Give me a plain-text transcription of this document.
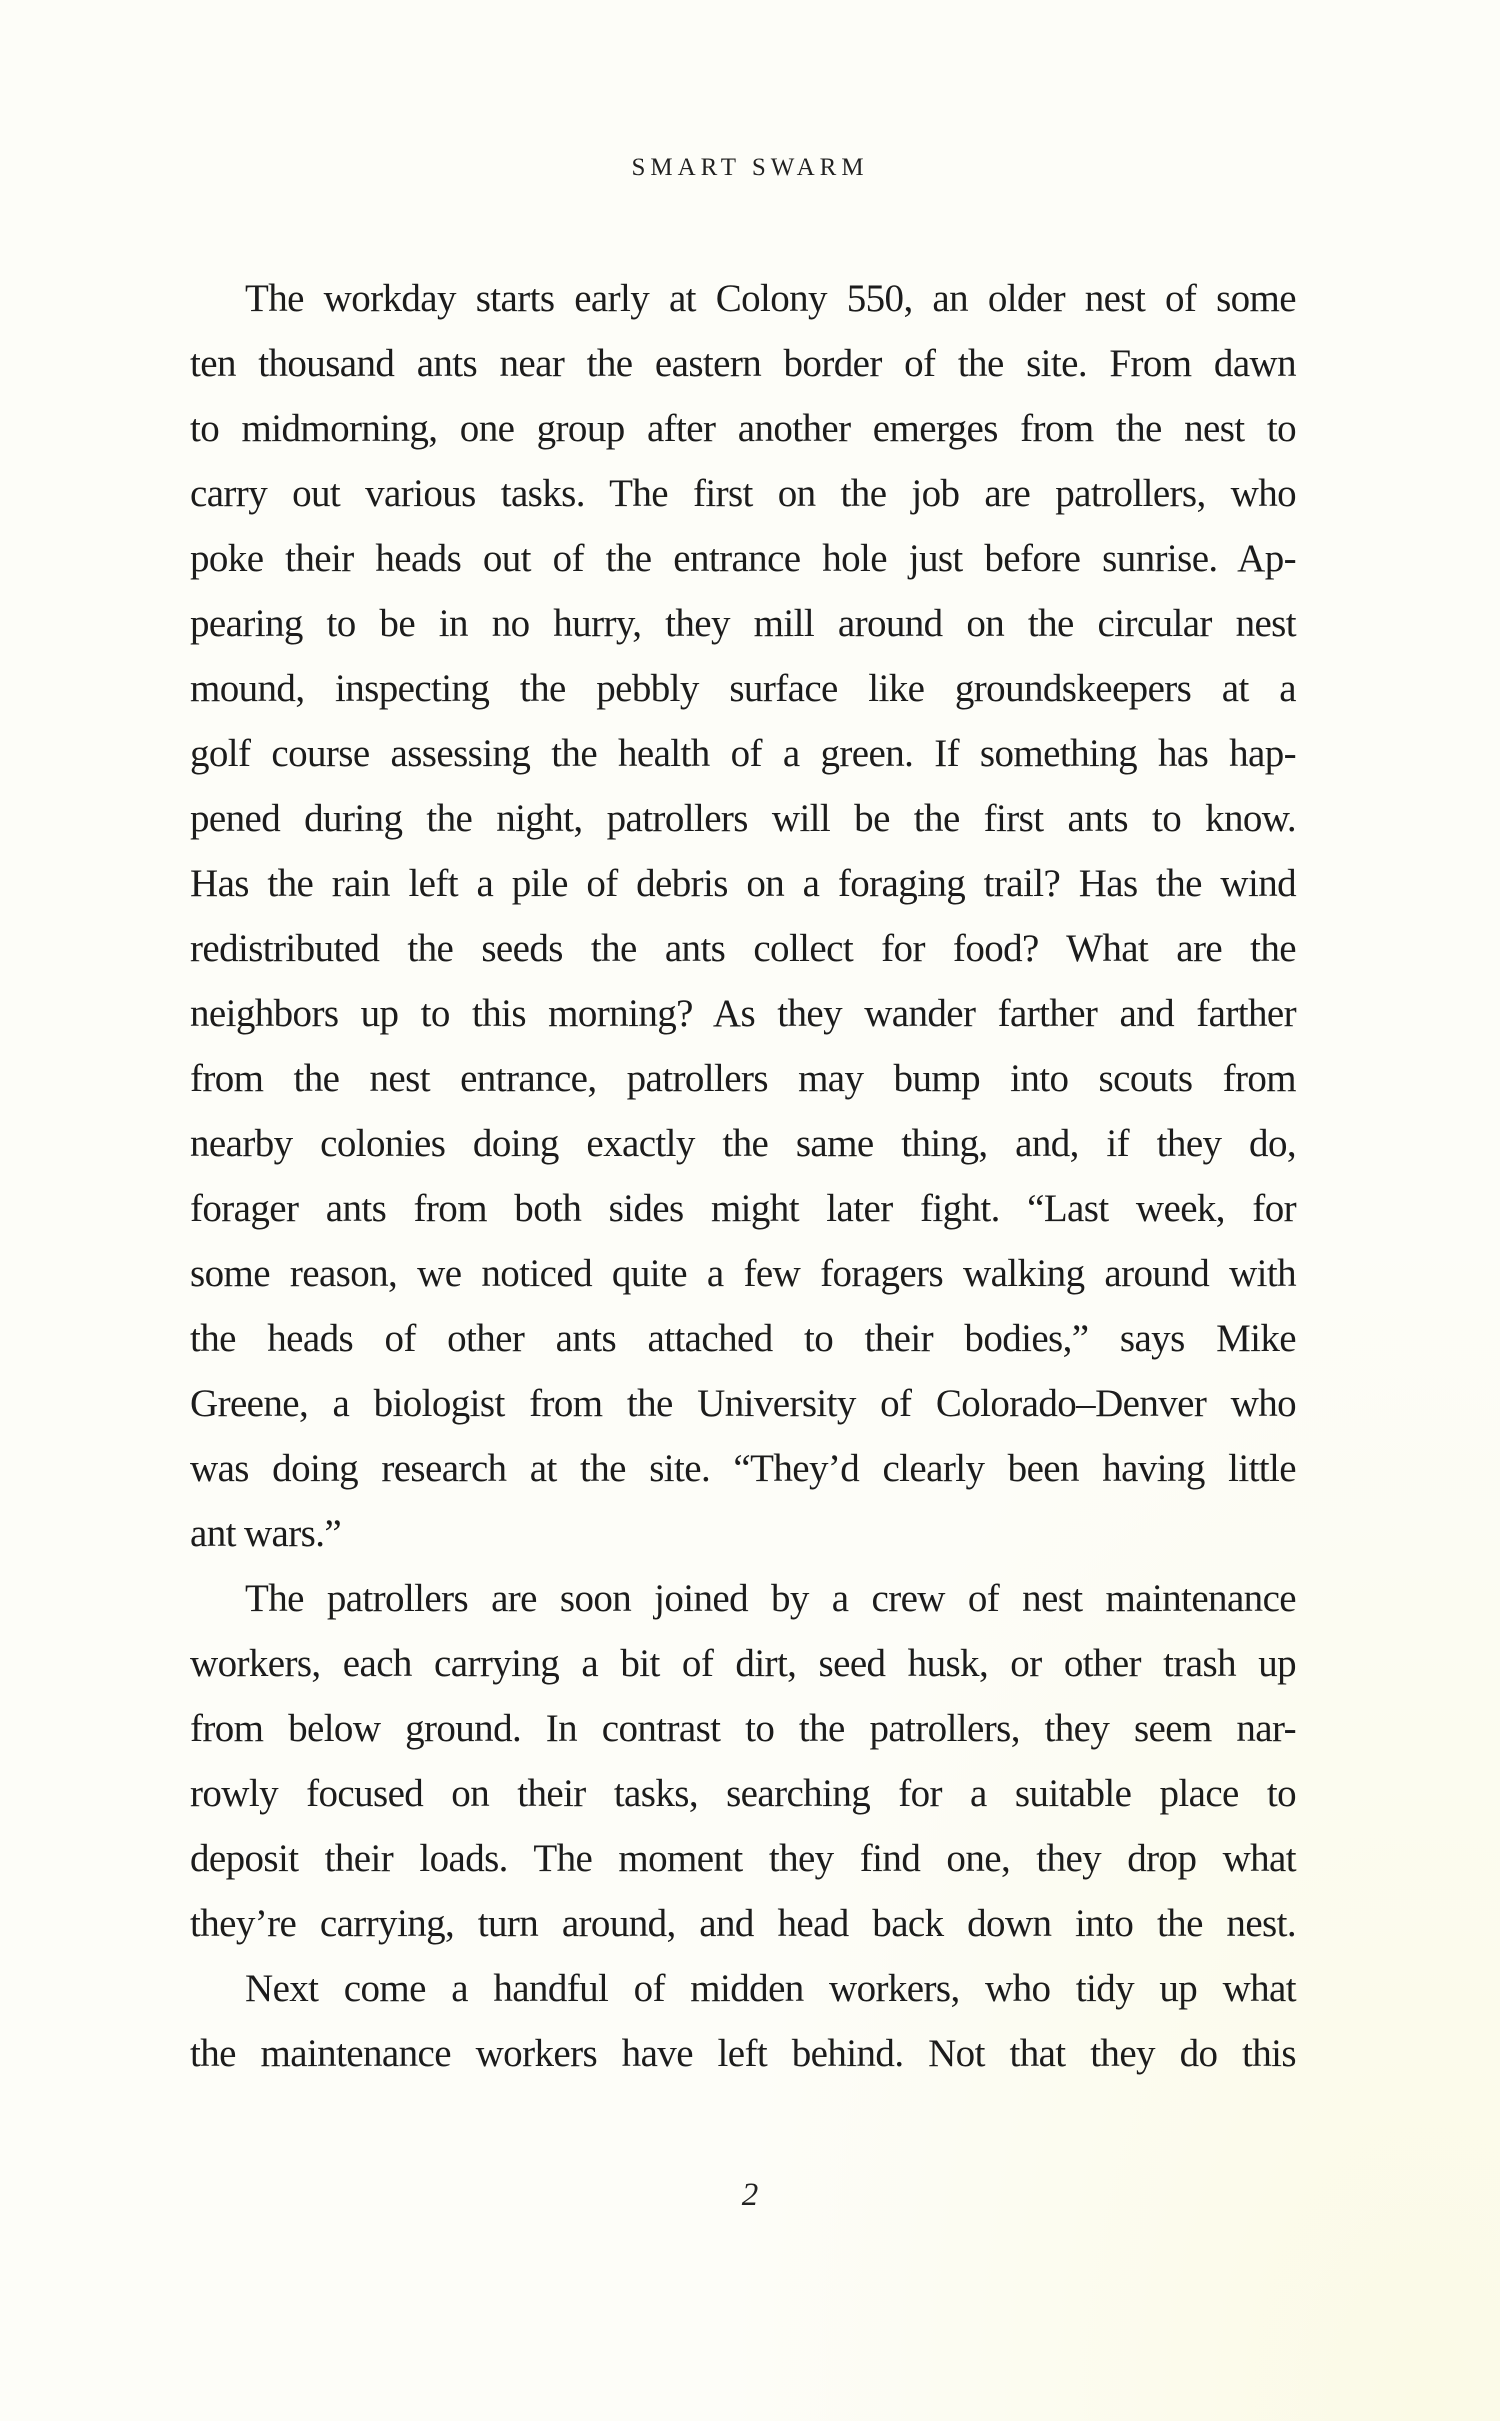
SMART SWARM
The workday starts early at Colony 550, an older nest of some
ten thousand ants near the eastern border of the site. From dawn
to midmorning, one group after another emerges from the nest to
carry out various tasks. The first on the job are patrollers, who
poke their heads out of the entrance hole just before sunrise. Ap-
pearing to be in no hurry, they mill around on the circular nest
mound, inspecting the pebbly surface like groundskeepers at a
golf course assessing the health of a green. If something has hap-
pened during the night, patrollers will be the first ants to know.
Has the rain left a pile of debris on a foraging trail? Has the wind
redistributed the seeds the ants collect for food? What are the
neighbors up to this morning? As they wander farther and farther
from the nest entrance, patrollers may bump into scouts from
nearby colonies doing exactly the same thing, and, if they do,
forager ants from both sides might later fight. “Last week, for
some reason, we noticed quite a few foragers walking around with
the heads of other ants attached to their bodies,” says Mike
Greene, a biologist from the University of Colorado–Denver who
was doing research at the site. “They’d clearly been having little
ant wars.”
The patrollers are soon joined by a crew of nest maintenance
workers, each carrying a bit of dirt, seed husk, or other trash up
from below ground. In contrast to the patrollers, they seem nar-
rowly focused on their tasks, searching for a suitable place to
deposit their loads. The moment they find one, they drop what
they’re carrying, turn around, and head back down into the nest.
Next come a handful of midden workers, who tidy up what
the maintenance workers have left behind. Not that they do this
2
